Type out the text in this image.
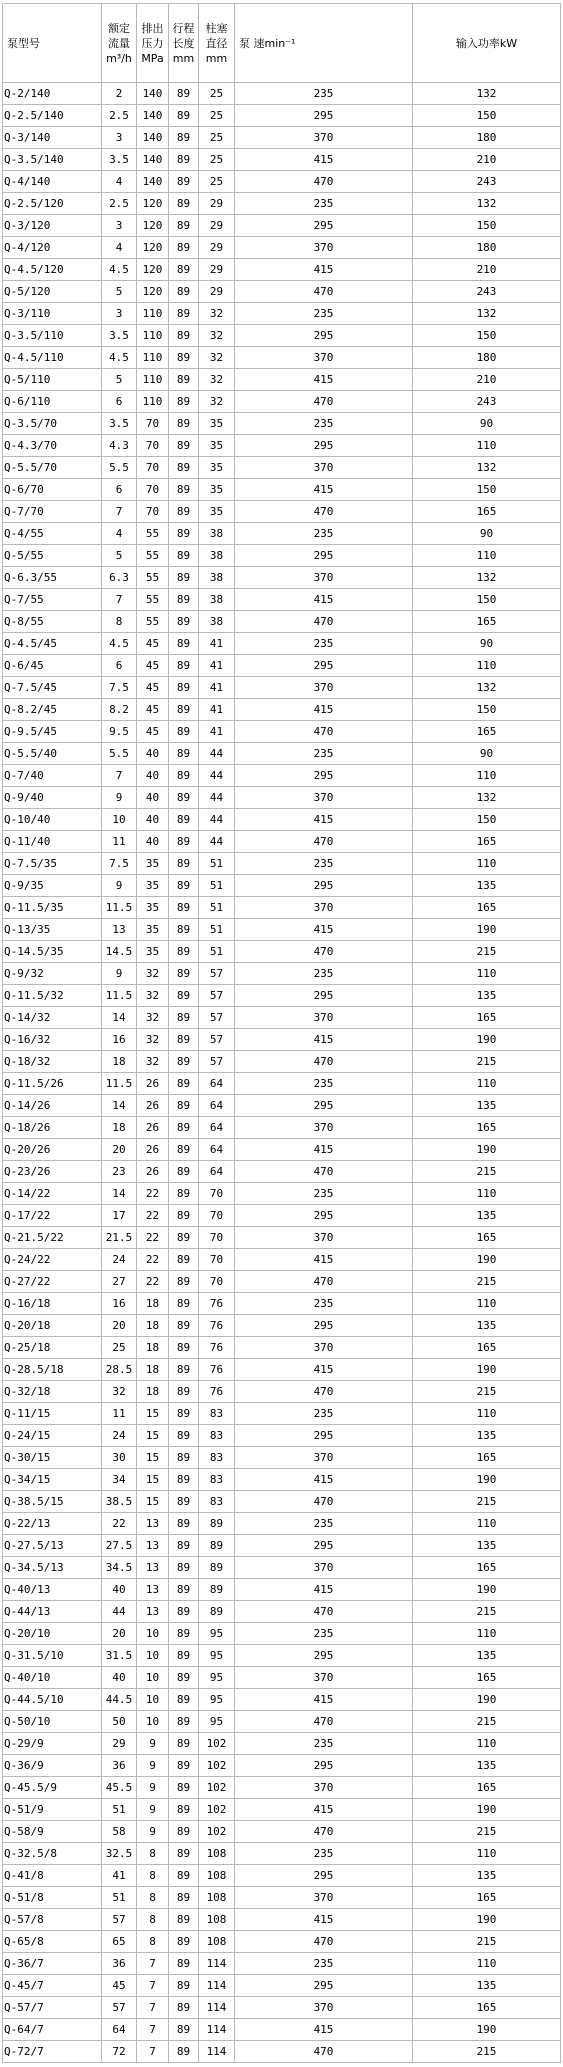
泵型号	额定流量m³/h	排出压力MPa	行程长度mm	柱塞直径mm	泵 速min⁻¹	输入功率kW
Q-2/140	2	140	89	25	235	132
Q-2.5/140	2.5	140	89	25	295	150
Q-3/140	3	140	89	25	370	180
Q-3.5/140	3.5	140	89	25	415	210
Q-4/140	4	140	89	25	470	243
Q-2.5/120	2.5	120	89	29	235	132
Q-3/120	3	120	89	29	295	150
Q-4/120	4	120	89	29	370	180
Q-4.5/120	4.5	120	89	29	415	210
Q-5/120	5	120	89	29	470	243
Q-3/110	3	110	89	32	235	132
Q-3.5/110	3.5	110	89	32	295	150
Q-4.5/110	4.5	110	89	32	370	180
Q-5/110	5	110	89	32	415	210
Q-6/110	6	110	89	32	470	243
Q-3.5/70	3.5	70	89	35	235	90
Q-4.3/70	4.3	70	89	35	295	110
Q-5.5/70	5.5	70	89	35	370	132
Q-6/70	6	70	89	35	415	150
Q-7/70	7	70	89	35	470	165
Q-4/55	4	55	89	38	235	90
Q-5/55	5	55	89	38	295	110
Q-6.3/55	6.3	55	89	38	370	132
Q-7/55	7	55	89	38	415	150
Q-8/55	8	55	89	38	470	165
Q-4.5/45	4.5	45	89	41	235	90
Q-6/45	6	45	89	41	295	110
Q-7.5/45	7.5	45	89	41	370	132
Q-8.2/45	8.2	45	89	41	415	150
Q-9.5/45	9.5	45	89	41	470	165
Q-5.5/40	5.5	40	89	44	235	90
Q-7/40	7	40	89	44	295	110
Q-9/40	9	40	89	44	370	132
Q-10/40	10	40	89	44	415	150
Q-11/40	11	40	89	44	470	165
Q-7.5/35	7.5	35	89	51	235	110
Q-9/35	9	35	89	51	295	135
Q-11.5/35	11.5	35	89	51	370	165
Q-13/35	13	35	89	51	415	190
Q-14.5/35	14.5	35	89	51	470	215
Q-9/32	9	32	89	57	235	110
Q-11.5/32	11.5	32	89	57	295	135
Q-14/32	14	32	89	57	370	165
Q-16/32	16	32	89	57	415	190
Q-18/32	18	32	89	57	470	215
Q-11.5/26	11.5	26	89	64	235	110
Q-14/26	14	26	89	64	295	135
Q-18/26	18	26	89	64	370	165
Q-20/26	20	26	89	64	415	190
Q-23/26	23	26	89	64	470	215
Q-14/22	14	22	89	70	235	110
Q-17/22	17	22	89	70	295	135
Q-21.5/22	21.5	22	89	70	370	165
Q-24/22	24	22	89	70	415	190
Q-27/22	27	22	89	70	470	215
Q-16/18	16	18	89	76	235	110
Q-20/18	20	18	89	76	295	135
Q-25/18	25	18	89	76	370	165
Q-28.5/18	28.5	18	89	76	415	190
Q-32/18	32	18	89	76	470	215
Q-11/15	11	15	89	83	235	110
Q-24/15	24	15	89	83	295	135
Q-30/15	30	15	89	83	370	165
Q-34/15	34	15	89	83	415	190
Q-38.5/15	38.5	15	89	83	470	215
Q-22/13	22	13	89	89	235	110
Q-27.5/13	27.5	13	89	89	295	135
Q-34.5/13	34.5	13	89	89	370	165
Q-40/13	40	13	89	89	415	190
Q-44/13	44	13	89	89	470	215
Q-20/10	20	10	89	95	235	110
Q-31.5/10	31.5	10	89	95	295	135
Q-40/10	40	10	89	95	370	165
Q-44.5/10	44.5	10	89	95	415	190
Q-50/10	50	10	89	95	470	215
Q-29/9	29	9	89	102	235	110
Q-36/9	36	9	89	102	295	135
Q-45.5/9	45.5	9	89	102	370	165
Q-51/9	51	9	89	102	415	190
Q-58/9	58	9	89	102	470	215
Q-32.5/8	32.5	8	89	108	235	110
Q-41/8	41	8	89	108	295	135
Q-51/8	51	8	89	108	370	165
Q-57/8	57	8	89	108	415	190
Q-65/8	65	8	89	108	470	215
Q-36/7	36	7	89	114	235	110
Q-45/7	45	7	89	114	295	135
Q-57/7	57	7	89	114	370	165
Q-64/7	64	7	89	114	415	190
Q-72/7	72	7	89	114	470	215
